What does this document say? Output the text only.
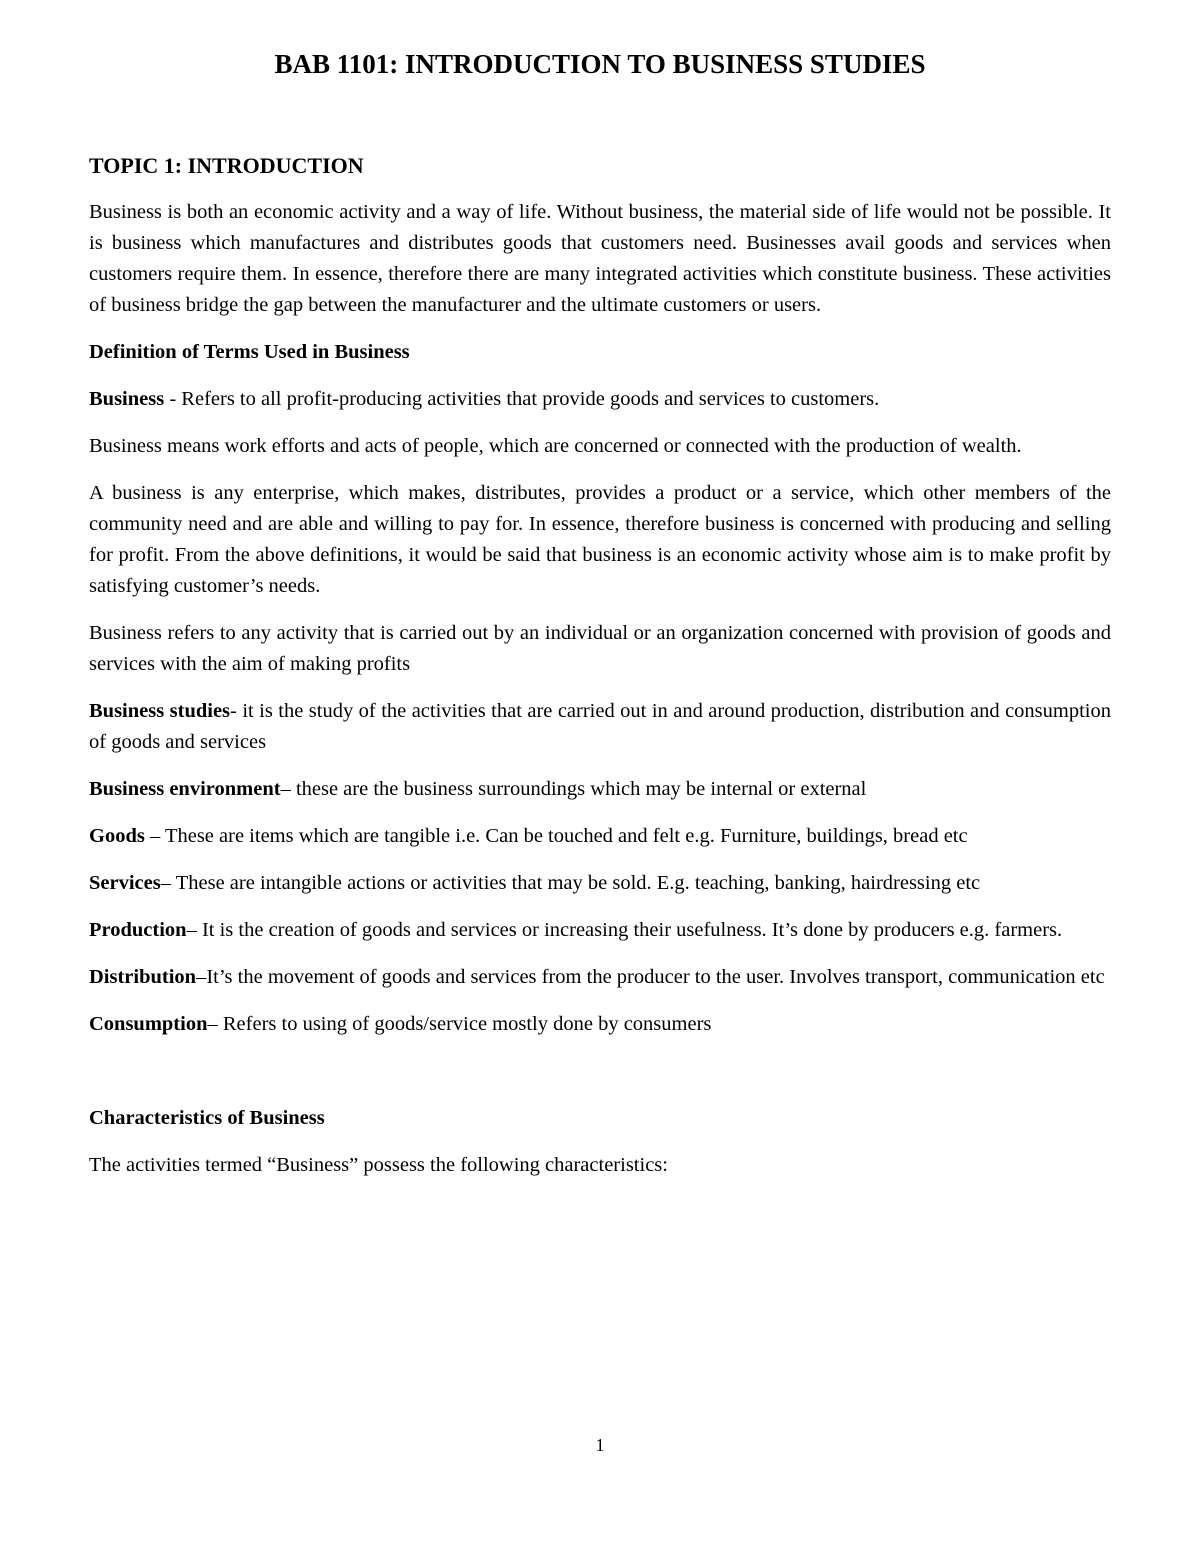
BAB 1101: INTRODUCTION TO BUSINESS STUDIES
TOPIC 1: INTRODUCTION

Business is both an economic activity and a way of life. Without business, the material side of life would not be possible. It is business which manufactures and distributes goods that customers need. Businesses avail goods and services when customers require them. In essence, therefore there are many integrated activities which constitute business. These activities of business bridge the gap between the manufacturer and the ultimate customers or users.

Definition of Terms Used in Business

Business - Refers to all profit-producing activities that provide goods and services to customers.

Business means work efforts and acts of people, which are concerned or connected with the production of wealth.

A business is any enterprise, which makes, distributes, provides a product or a service, which other members of the community need and are able and willing to pay for. In essence, therefore business is concerned with producing and selling for profit. From the above definitions, it would be said that business is an economic activity whose aim is to make profit by satisfying customer’s needs.

Business refers to any activity that is carried out by an individual or an organization concerned with provision of goods and services with the aim of making profits

Business studies- it is the study of the activities that are carried out in and around production, distribution and consumption of goods and services

Business environment– these are the business surroundings which may be internal or external

Goods – These are items which are tangible i.e. Can be touched and felt e.g. Furniture, buildings, bread etc

Services– These are intangible actions or activities that may be sold. E.g. teaching, banking, hairdressing etc

Production– It is the creation of goods and services or increasing their usefulness. It’s done by producers e.g. farmers.

Distribution–It’s the movement of goods and services from the producer to the user. Involves transport, communication etc

Consumption– Refers to using of goods/service mostly done by consumers

Characteristics of Business

The activities termed “Business” possess the following characteristics:

1
